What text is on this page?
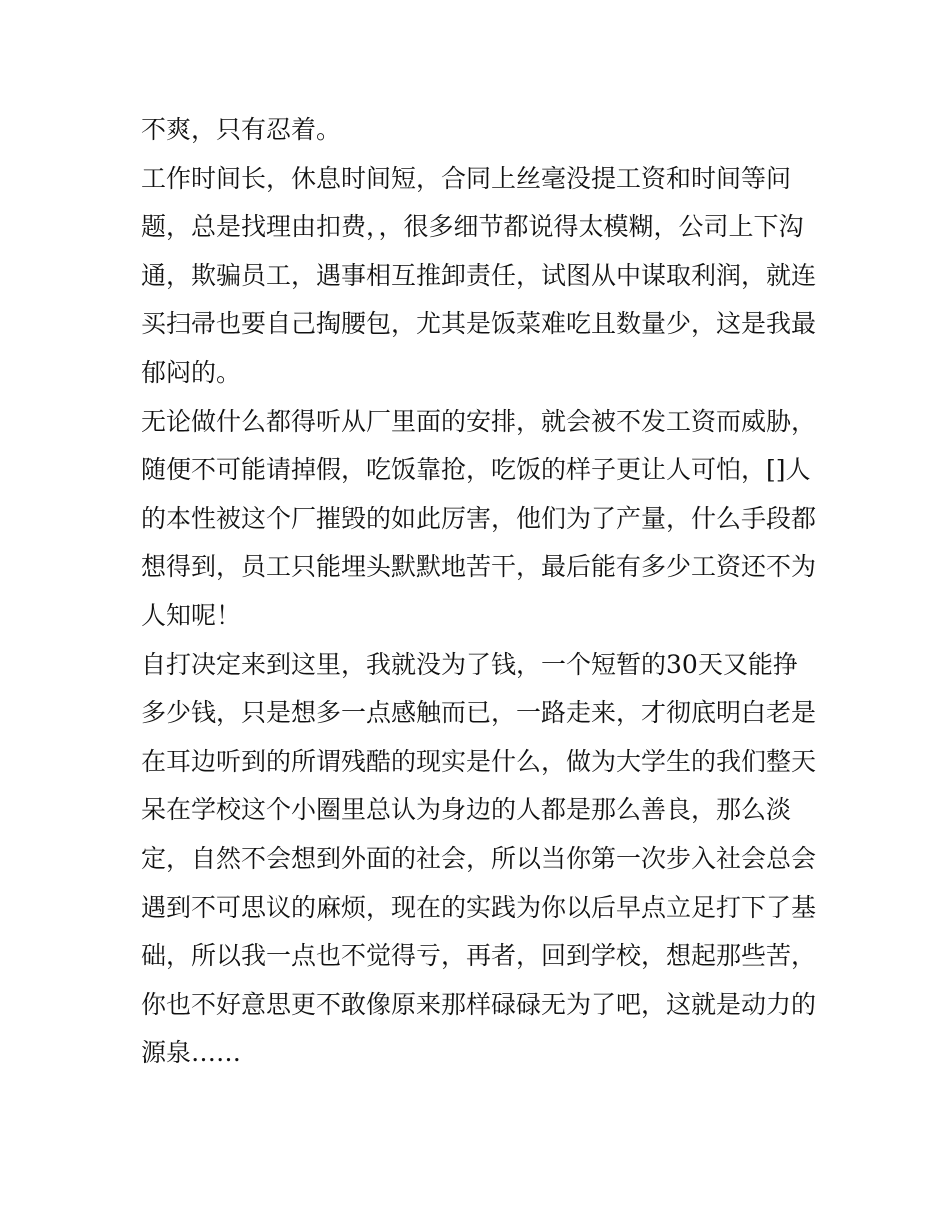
不爽，只有忍着。
工作时间长，休息时间短，合同上丝毫没提工资和时间等问
题，总是找理由扣费，，很多细节都说得太模糊，公司上下沟
通，欺骗员工，遇事相互推卸责任，试图从中谋取利润，就连
买扫帚也要自己掏腰包，尤其是饭菜难吃且数量少，这是我最
郁闷的。
无论做什么都得听从厂里面的安排，就会被不发工资而威胁，
随便不可能请掉假，吃饭靠抢，吃饭的样子更让人可怕，[]人
的本性被这个厂摧毁的如此厉害，他们为了产量，什么手段都
想得到，员工只能埋头默默地苦干，最后能有多少工资还不为
人知呢！
自打决定来到这里，我就没为了钱，一个短暂的30天又能挣
多少钱，只是想多一点感触而已，一路走来，才彻底明白老是
在耳边听到的所谓残酷的现实是什么，做为大学生的我们整天
呆在学校这个小圈里总认为身边的人都是那么善良，那么淡
定，自然不会想到外面的社会，所以当你第一次步入社会总会
遇到不可思议的麻烦，现在的实践为你以后早点立足打下了基
础，所以我一点也不觉得亏，再者，回到学校，想起那些苦，
你也不好意思更不敢像原来那样碌碌无为了吧，这就是动力的
源泉……
